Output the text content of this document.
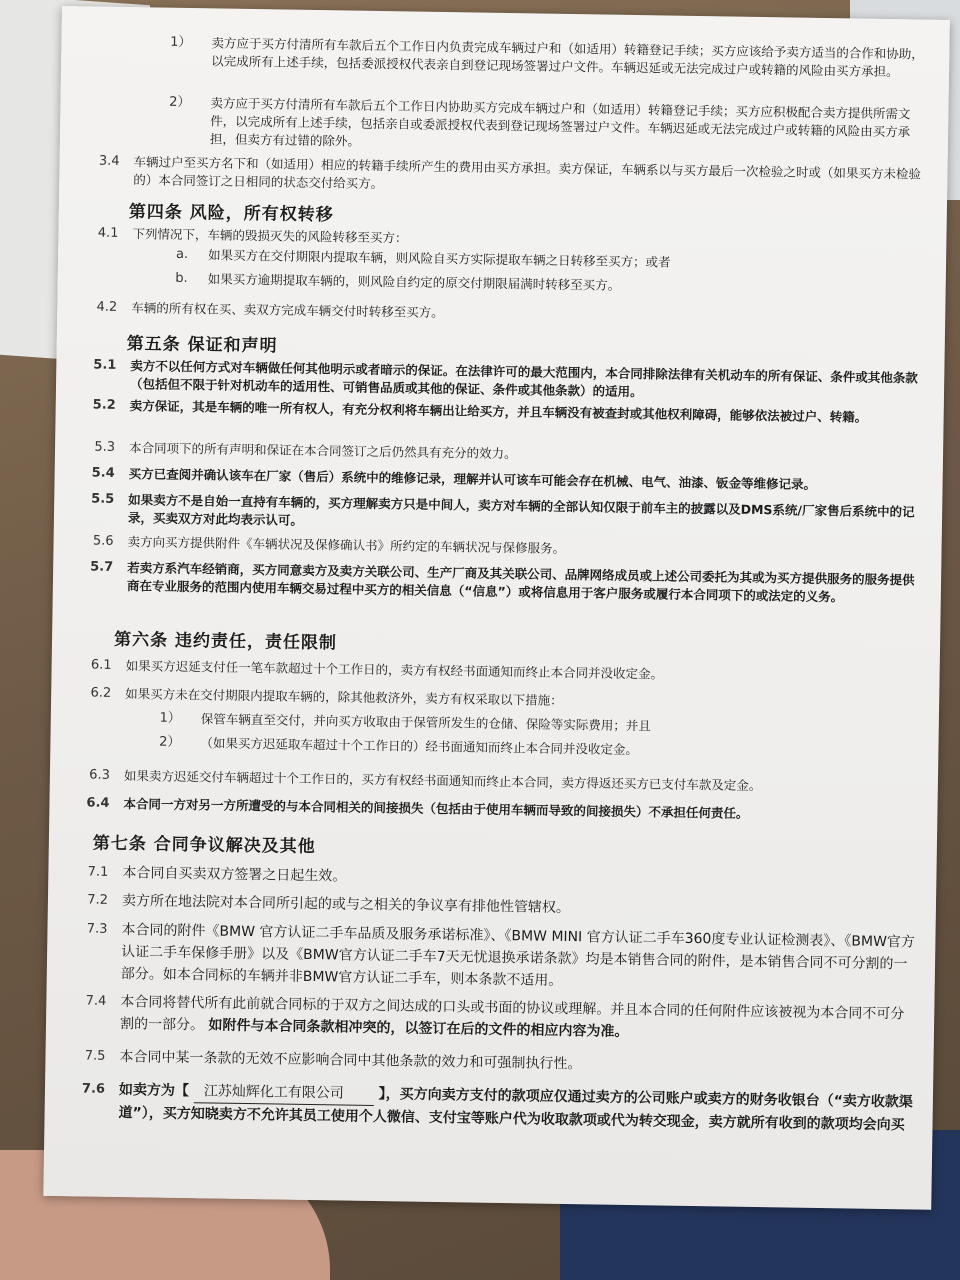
1） 卖方应于买方付清所有车款后五个工作日内负责完成车辆过户和（如适用）转籍登记手续；买方应该给予卖方适当的合作和协助，以完成所有上述手续，包括委派授权代表亲自到登记现场签署过户文件。车辆迟延或无法完成过户或转籍的风险由买方承担。
2） 卖方应于买方付清所有车款后五个工作日内协助买方完成车辆过户和（如适用）转籍登记手续；买方应积极配合卖方提供所需文件，以完成所有上述手续，包括亲自或委派授权代表到登记现场签署过户文件。车辆迟延或无法完成过户或转籍的风险由买方承担，但卖方有过错的除外。
3.4 车辆过户至买方名下和（如适用）相应的转籍手续所产生的费用由买方承担。卖方保证，车辆系以与买方最后一次检验之时或（如果买方未检验的）本合同签订之日相同的状态交付给买方。
第四条 风险，所有权转移
4.1 下列情况下，车辆的毁损灭失的风险转移至买方：
a. 如果买方在交付期限内提取车辆，则风险自买方实际提取车辆之日转移至买方；或者
b. 如果买方逾期提取车辆的，则风险自约定的原交付期限届满时转移至买方。
4.2 车辆的所有权在买、卖双方完成车辆交付时转移至买方。
第五条 保证和声明
5.1 卖方不以任何方式对车辆做任何其他明示或者暗示的保证。在法律许可的最大范围内，本合同排除法律有关机动车的所有保证、条件或其他条款（包括但不限于针对机动车的适用性、可销售品质或其他的保证、条件或其他条款）的适用。
5.2 卖方保证，其是车辆的唯一所有权人，有充分权利将车辆出让给买方，并且车辆没有被查封或其他权利障碍，能够依法被过户、转籍。
5.3 本合同项下的所有声明和保证在本合同签订之后仍然具有充分的效力。
5.4 买方已查阅并确认该车在厂家（售后）系统中的维修记录，理解并认可该车可能会存在机械、电气、油漆、钣金等维修记录。
5.5 如果卖方不是自始一直持有车辆的，买方理解卖方只是中间人，卖方对车辆的全部认知仅限于前车主的披露以及DMS系统/厂家售后系统中的记录，买卖双方对此均表示认可。
5.6 卖方向买方提供附件《车辆状况及保修确认书》所约定的车辆状况与保修服务。
5.7 若卖方系汽车经销商，买方同意卖方及卖方关联公司、生产厂商及其关联公司、品牌网络成员或上述公司委托为其或为买方提供服务的服务提供商在专业服务的范围内使用车辆交易过程中买方的相关信息（“信息”）或将信息用于客户服务或履行本合同项下的或法定的义务。
第六条 违约责任，责任限制
6.1 如果买方迟延支付任一笔车款超过十个工作日的，卖方有权经书面通知而终止本合同并没收定金。
6.2 如果买方未在交付期限内提取车辆的，除其他救济外，卖方有权采取以下措施：
1） 保管车辆直至交付，并向买方收取由于保管所发生的仓储、保险等实际费用；并且
2） （如果买方迟延取车超过十个工作日的）经书面通知而终止本合同并没收定金。
6.3 如果卖方迟延交付车辆超过十个工作日的，买方有权经书面通知而终止本合同，卖方得返还买方已支付车款及定金。
6.4 本合同一方对另一方所遭受的与本合同相关的间接损失（包括由于使用车辆而导致的间接损失）不承担任何责任。
第七条 合同争议解决及其他
7.1 本合同自买卖双方签署之日起生效。
7.2 卖方所在地法院对本合同所引起的或与之相关的争议享有排他性管辖权。
7.3 本合同的附件《BMW 官方认证二手车品质及服务承诺标准》、《BMW MINI 官方认证二手车360度专业认证检测表》、《BMW官方认证二手车保修手册》以及《BMW官方认证二手车7天无忧退换承诺条款》均是本销售合同的附件，是本销售合同不可分割的一部分。如本合同标的车辆并非BMW官方认证二手车，则本条款不适用。
7.4 本合同将替代所有此前就合同标的于双方之间达成的口头或书面的协议或理解。并且本合同的任何附件应该被视为本合同不可分割的一部分。 如附件与本合同条款相冲突的，以签订在后的文件的相应内容为准。
7.5 本合同中某一条款的无效不应影响合同中其他条款的效力和可强制执行性。
7.6 如卖方为【 江苏灿辉化工有限公司 】，买方向卖方支付的款项应仅通过卖方的公司账户或卖方的财务收银台（“卖方收款渠道”），买方知晓卖方不允许其员工使用个人微信、支付宝等账户代为收取款项或代为转交现金，卖方就所有收到的款项均会向买
